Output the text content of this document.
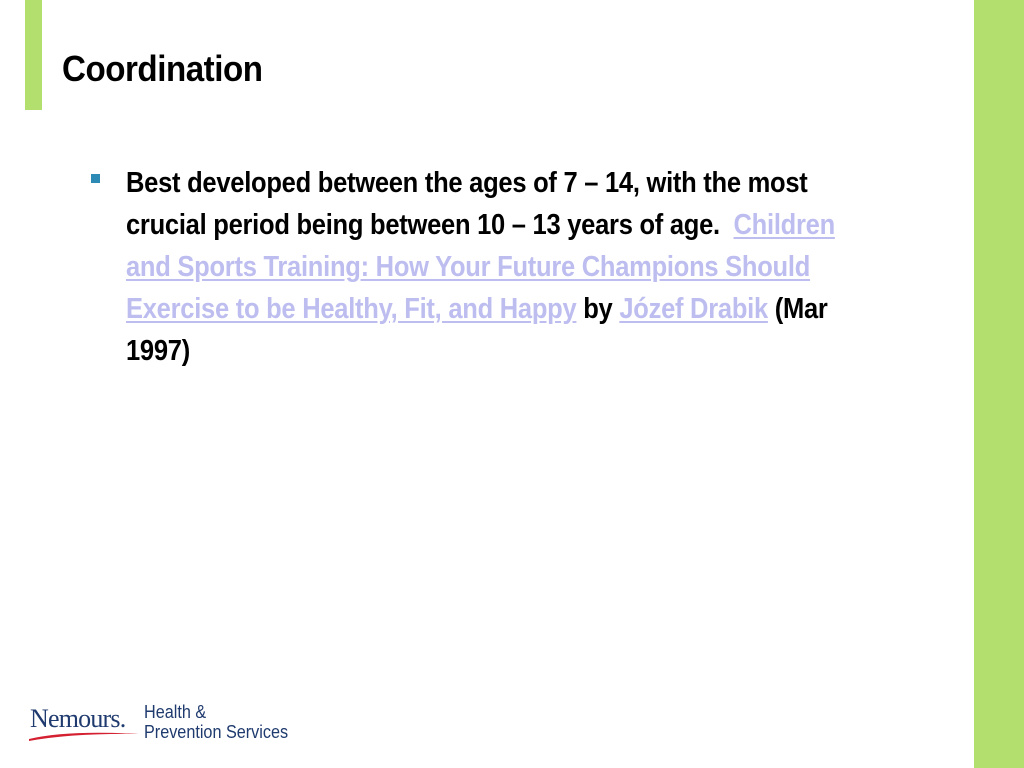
Coordination
Best developed between the ages of 7 – 14, with the most crucial period being between 10 – 13 years of age.  Children and Sports Training: How Your Future Champions Should Exercise to be Healthy, Fit, and Happy by Józef Drabik (Mar 1997)
Nemours. Health &
Prevention Services
